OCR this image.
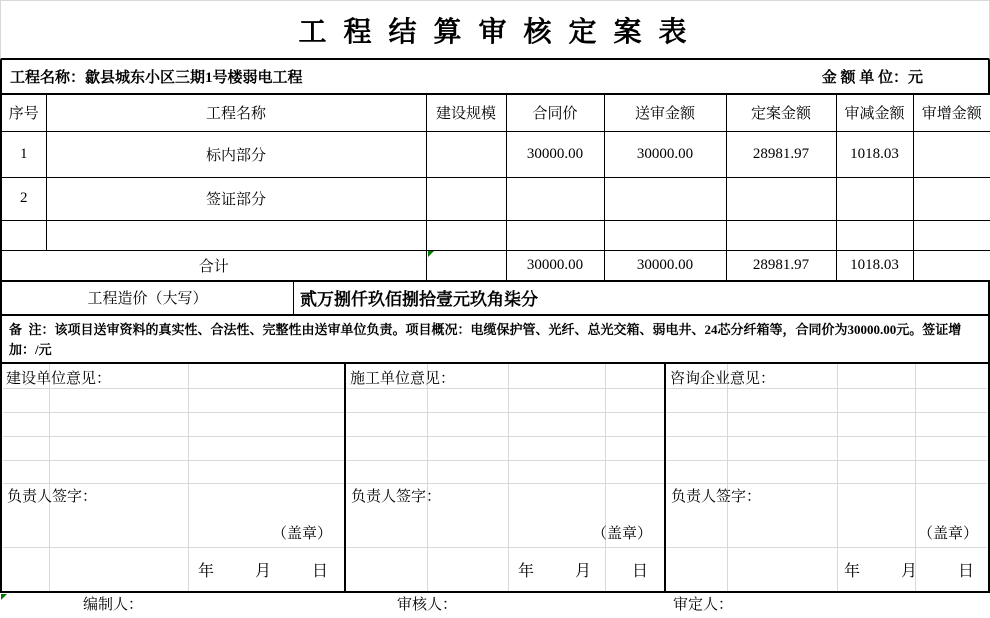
工 程 结 算 审 核 定 案 表
工程名称：歙县城东小区三期1号楼弱电工程	金 额 单 位：元
序号	工程名称	建设规模	合同价	送审金额	定案金额	审减金额	审增金额
1	标内部分		30000.00	30000.00	28981.97	1018.03	
2	签证部分						

合计			30000.00	30000.00	28981.97	1018.03	
工程造价（大写）	贰万捌仟玖佰捌拾壹元玖角柒分
备  注：该项目送审资料的真实性、合法性、完整性由送审单位负责。项目概况：电缆保护管、光纤、总光交箱、弱电井、24芯分纤箱等，合同价为30000.00元。签证增加：/元
建设单位意见：
负责人签字：
（盖章）
年	月	日
施工单位意见：
负责人签字：
（盖章）
年	月	日
咨询企业意见：
负责人签字：
（盖章）
年	月	日
编制人：	审核人：	审定人：
